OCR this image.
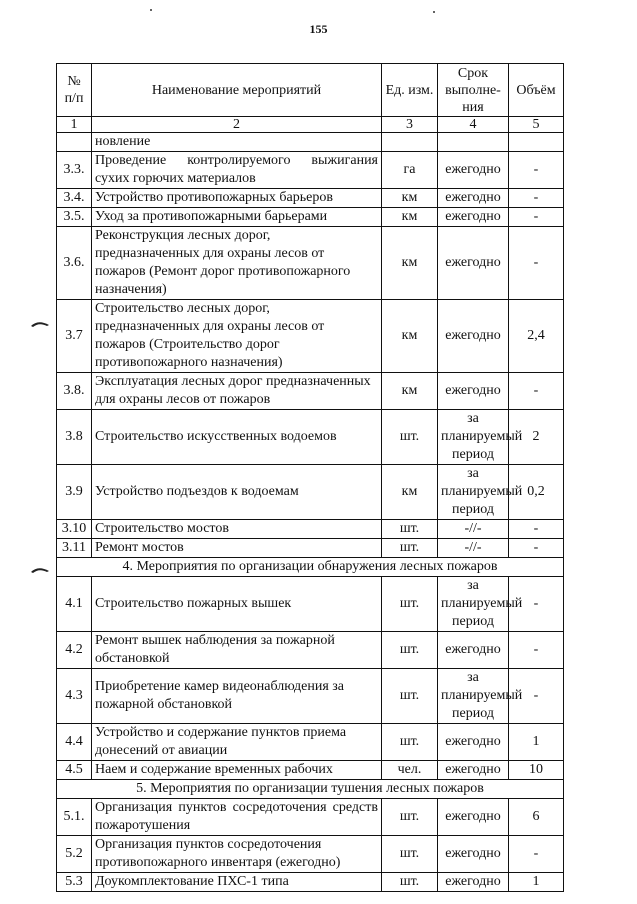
155
№ п/п	Наименование мероприятий	Ед. изм.	Срок выполне-ния	Объём
1	2	3	4	5
	новление			
3.3.	Проведение контролируемого выжигания сухих горючих материалов	га	ежегодно	-
3.4.	Устройство противопожарных барьеров	км	ежегодно	-
3.5.	Уход за противопожарными барьерами	км	ежегодно	-
3.6.	Реконструкция лесных дорог, предназначенных для охраны лесов от пожаров (Ремонт дорог противопожарного назначения)	км	ежегодно	-
3.7	Строительство лесных дорог, предназначенных для охраны лесов от пожаров (Строительство дорог противопожарного назначения)	км	ежегодно	2,4
3.8.	Эксплуатация лесных дорог предназначенных для охраны лесов от пожаров	км	ежегодно	-
3.8	Строительство искусственных водоемов	шт.	за планируемый период	2
3.9	Устройство подъездов к водоемам	км	за планируемый период	0,2
3.10	Строительство мостов	шт.	-//-	-
3.11	Ремонт мостов	шт.	-//-	-
4. Мероприятия по организации обнаружения лесных пожаров				
4.1	Строительство пожарных вышек	шт.	за планируемый период	-
4.2	Ремонт вышек наблюдения за пожарной обстановкой	шт.	ежегодно	-
4.3	Приобретение камер видеонаблюдения за пожарной обстановкой	шт.	за планируемый период	-
4.4	Устройство и содержание пунктов приема донесений от авиации	шт.	ежегодно	1
4.5	Наем и содержание временных рабочих	чел.	ежегодно	10
5. Мероприятия по организации тушения лесных пожаров				
5.1.	Организация пунктов сосредоточения средств пожаротушения	шт.	ежегодно	6
5.2	Организация пунктов сосредоточения противопожарного инвентаря (ежегодно)	шт.	ежегодно	-
5.3	Доукомплектование ПХС-1 типа	шт.	ежегодно	1
